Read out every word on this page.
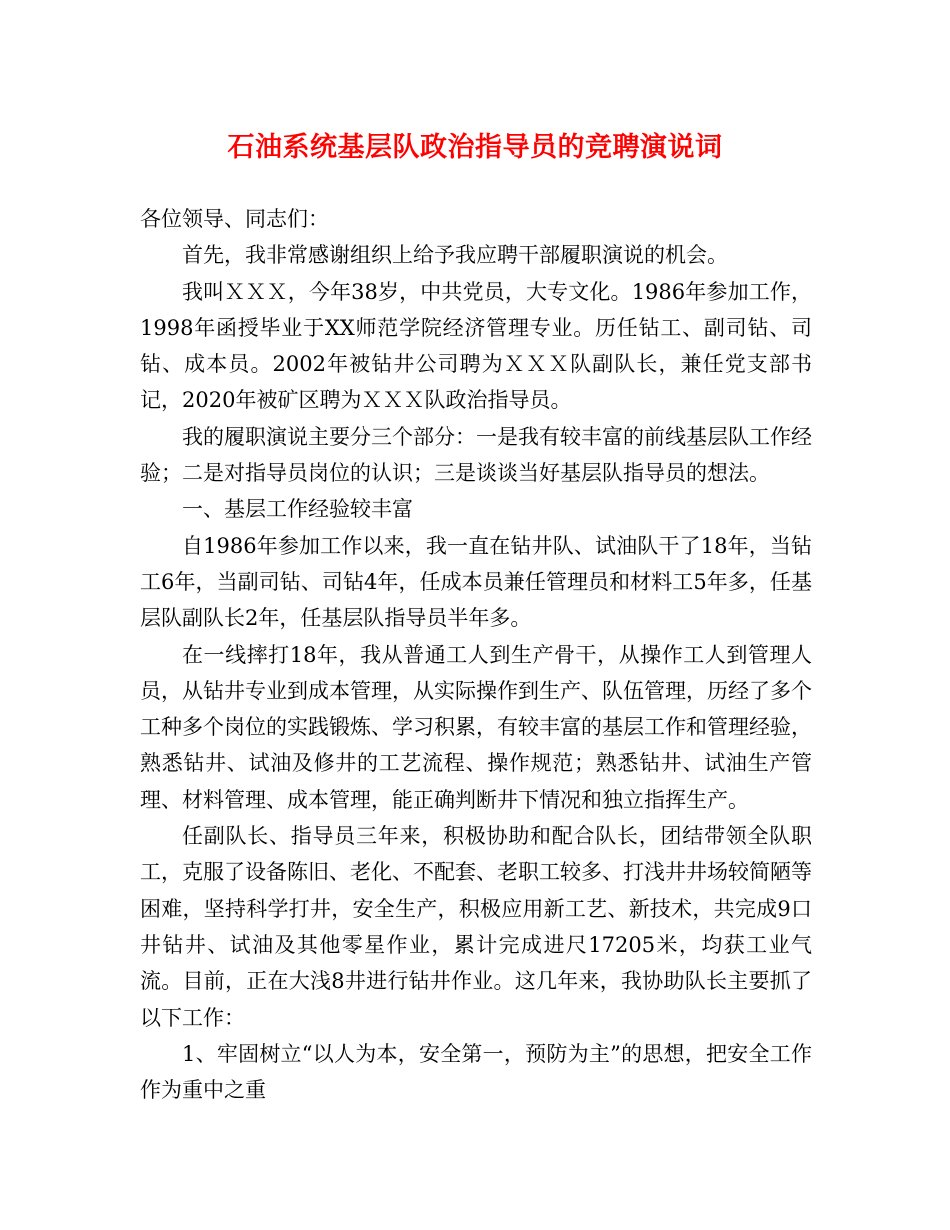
石油系统基层队政治指导员的竞聘演说词

各位领导、同志们：

首先，我非常感谢组织上给予我应聘干部履职演说的机会。

我叫ＸＸＸ，今年38岁，中共党员，大专文化。1986年参加工作，1998年函授毕业于XX师范学院经济管理专业。历任钻工、副司钻、司钻、成本员。2002年被钻井公司聘为ＸＸＸ队副队长，兼任党支部书记，2020年被矿区聘为ＸＸＸ队政治指导员。

我的履职演说主要分三个部分：一是我有较丰富的前线基层队工作经验；二是对指导员岗位的认识；三是谈谈当好基层队指导员的想法。

一、基层工作经验较丰富

自1986年参加工作以来，我一直在钻井队、试油队干了18年，当钻工6年，当副司钻、司钻4年，任成本员兼任管理员和材料工5年多，任基层队副队长2年，任基层队指导员半年多。

在一线摔打18年，我从普通工人到生产骨干，从操作工人到管理人员，从钻井专业到成本管理，从实际操作到生产、队伍管理，历经了多个工种多个岗位的实践锻炼、学习积累，有较丰富的基层工作和管理经验，熟悉钻井、试油及修井的工艺流程、操作规范；熟悉钻井、试油生产管理、材料管理、成本管理，能正确判断井下情况和独立指挥生产。

任副队长、指导员三年来，积极协助和配合队长，团结带领全队职工，克服了设备陈旧、老化、不配套、老职工较多、打浅井井场较简陋等困难，坚持科学打井，安全生产，积极应用新工艺、新技术，共完成9口井钻井、试油及其他零星作业，累计完成进尺17205米，均获工业气流。目前，正在大浅8井进行钻井作业。这几年来，我协助队长主要抓了以下工作：

1、牢固树立“以人为本，安全第一，预防为主”的思想，把安全工作作为重中之重
